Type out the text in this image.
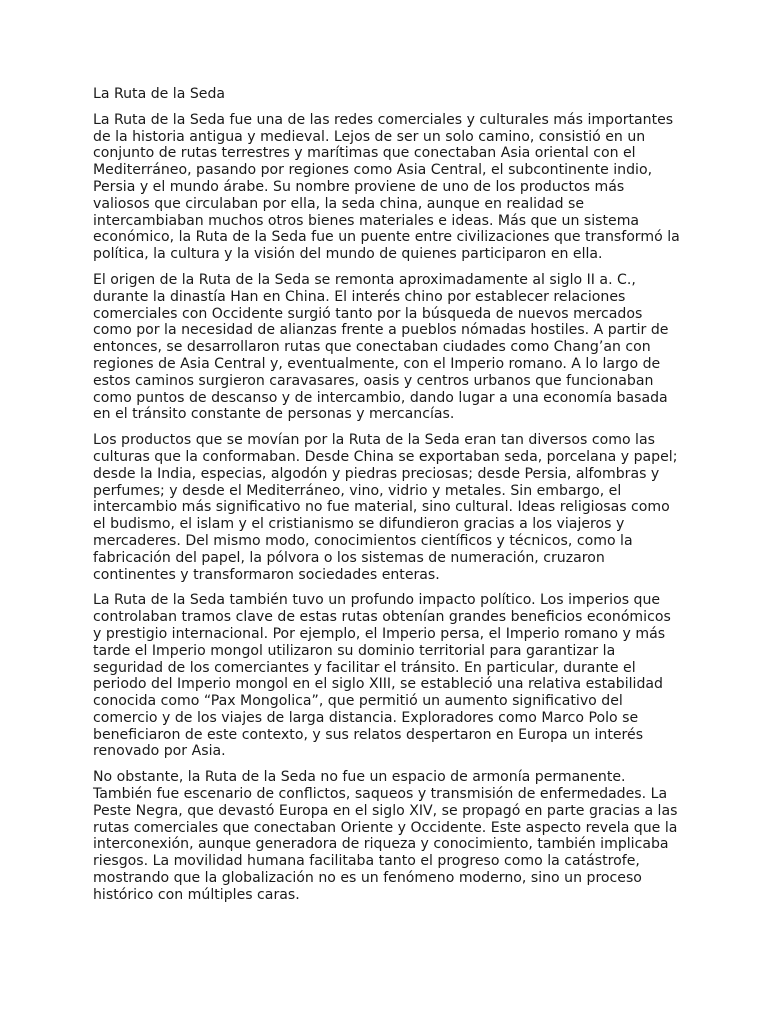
La Ruta de la Seda

La Ruta de la Seda fue una de las redes comerciales y culturales más importantes de la historia antigua y medieval. Lejos de ser un solo camino, consistió en un conjunto de rutas terrestres y marítimas que conectaban Asia oriental con el Mediterráneo, pasando por regiones como Asia Central, el subcontinente indio, Persia y el mundo árabe. Su nombre proviene de uno de los productos más valiosos que circulaban por ella, la seda china, aunque en realidad se intercambiaban muchos otros bienes materiales e ideas. Más que un sistema económico, la Ruta de la Seda fue un puente entre civilizaciones que transformó la política, la cultura y la visión del mundo de quienes participaron en ella.

El origen de la Ruta de la Seda se remonta aproximadamente al siglo II a. C., durante la dinastía Han en China. El interés chino por establecer relaciones comerciales con Occidente surgió tanto por la búsqueda de nuevos mercados como por la necesidad de alianzas frente a pueblos nómadas hostiles. A partir de entonces, se desarrollaron rutas que conectaban ciudades como Chang’an con regiones de Asia Central y, eventualmente, con el Imperio romano. A lo largo de estos caminos surgieron caravasares, oasis y centros urbanos que funcionaban como puntos de descanso y de intercambio, dando lugar a una economía basada en el tránsito constante de personas y mercancías.

Los productos que se movían por la Ruta de la Seda eran tan diversos como las culturas que la conformaban. Desde China se exportaban seda, porcelana y papel; desde la India, especias, algodón y piedras preciosas; desde Persia, alfombras y perfumes; y desde el Mediterráneo, vino, vidrio y metales. Sin embargo, el intercambio más significativo no fue material, sino cultural. Ideas religiosas como el budismo, el islam y el cristianismo se difundieron gracias a los viajeros y mercaderes. Del mismo modo, conocimientos científicos y técnicos, como la fabricación del papel, la pólvora o los sistemas de numeración, cruzaron continentes y transformaron sociedades enteras.

La Ruta de la Seda también tuvo un profundo impacto político. Los imperios que controlaban tramos clave de estas rutas obtenían grandes beneficios económicos y prestigio internacional. Por ejemplo, el Imperio persa, el Imperio romano y más tarde el Imperio mongol utilizaron su dominio territorial para garantizar la seguridad de los comerciantes y facilitar el tránsito. En particular, durante el periodo del Imperio mongol en el siglo XIII, se estableció una relativa estabilidad conocida como “Pax Mongolica”, que permitió un aumento significativo del comercio y de los viajes de larga distancia. Exploradores como Marco Polo se beneficiaron de este contexto, y sus relatos despertaron en Europa un interés renovado por Asia.

No obstante, la Ruta de la Seda no fue un espacio de armonía permanente. También fue escenario de conflictos, saqueos y transmisión de enfermedades. La Peste Negra, que devastó Europa en el siglo XIV, se propagó en parte gracias a las rutas comerciales que conectaban Oriente y Occidente. Este aspecto revela que la interconexión, aunque generadora de riqueza y conocimiento, también implicaba riesgos. La movilidad humana facilitaba tanto el progreso como la catástrofe, mostrando que la globalización no es un fenómeno moderno, sino un proceso histórico con múltiples caras.
